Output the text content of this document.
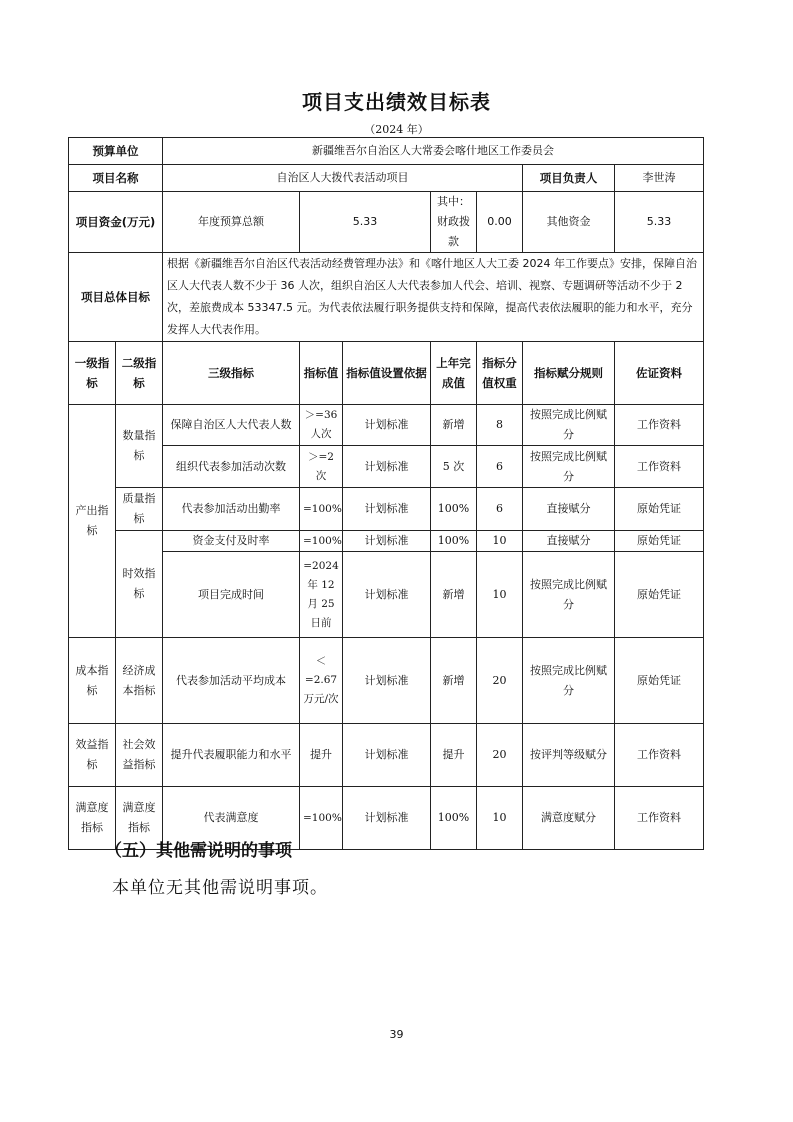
项目支出绩效目标表
（2024 年）
预算单位		新疆维吾尔自治区人大常委会喀什地区工作委员会						
项目名称		自治区人大拨代表活动项目					项目负责人	李世涛
项目资金(万元)		年度预算总额	5.33		其中：财政拨款	0.00	其他资金	5.33
项目总体目标		根据《新疆维吾尔自治区代表活动经费管理办法》和《喀什地区人大工委 2024 年工作要点》安排，保障自治区人大代表人数不少于 36 人次，组织自治区人大代表参加人代会、培训、视察、专题调研等活动不少于 2 次，差旅费成本 53347.5 元。为代表依法履行职务提供支持和保障，提高代表依法履职的能力和水平，充分发挥人大代表作用。						
一级指标	二级指标	三级指标	指标值	指标值设置依据	上年完成值	指标分值权重	指标赋分规则	佐证资料
产出指标	数量指标	保障自治区人大代表人数	＞=36 人次	计划标准	新增	8	按照完成比例赋分	工作资料
		组织代表参加活动次数	＞=2 次	计划标准	5 次	6	按照完成比例赋分	工作资料
	质量指标	代表参加活动出勤率	=100%	计划标准	100%	6	直接赋分	原始凭证
	时效指标	资金支付及时率	=100%	计划标准	100%	10	直接赋分	原始凭证
		项目完成时间	=2024 年 12 月 25 日前	计划标准	新增	10	按照完成比例赋分	原始凭证
成本指标	经济成本指标	代表参加活动平均成本	＜=2.67 万元/次	计划标准	新增	20	按照完成比例赋分	原始凭证
效益指标	社会效益指标	提升代表履职能力和水平	提升	计划标准	提升	20	按评判等级赋分	工作资料
满意度指标	满意度指标	代表满意度	=100%	计划标准	100%	10	满意度赋分	工作资料
（五）其他需说明的事项
本单位无其他需说明事项。
39
